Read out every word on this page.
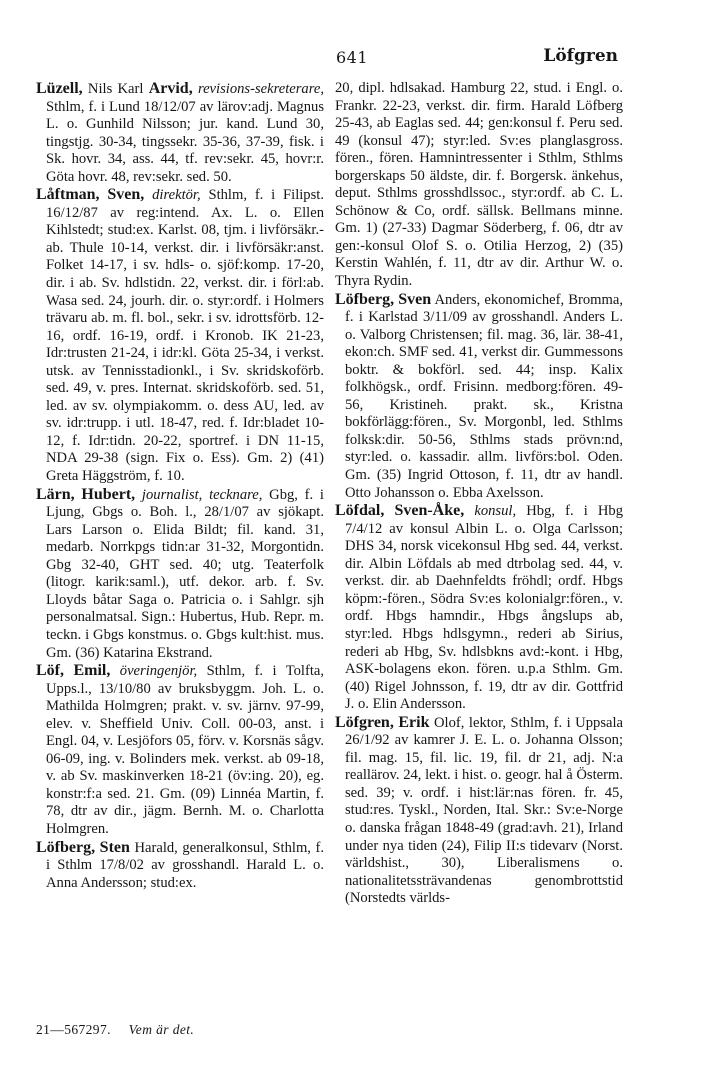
641	Löfgren

Lüzell, Nils Karl Arvid, revisions-sekreterare, Sthlm, f. i Lund 18/12/07 av lärov:adj. Magnus L. o. Gunhild Nilsson; jur. kand. Lund 30, tingstjg. 30-34, tingssekr. 35-36, 37-39, fisk. i Sk. hovr. 34, ass. 44, tf. rev:sekr. 45, hovr:r. Göta hovr. 48, rev:sekr. sed. 50.

Låftman, Sven, direktör, Sthlm, f. i Filipst. 16/12/87 av reg:intend. Ax. L. o. Ellen Kihlstedt; stud:ex. Karlst. 08, tjm. i livförsäkr.-ab. Thule 10-14, verkst. dir. i livförsäkr:anst. Folket 14-17, i sv. hdls- o. sjöf:komp. 17-20, dir. i ab. Sv. hdlstidn. 22, verkst. dir. i förl:ab. Wasa sed. 24, jourh. dir. o. styr:ordf. i Holmers trävaru ab. m. fl. bol., sekr. i sv. idrottsförb. 12-16, ordf. 16-19, ordf. i Kronob. IK 21-23, Idr:trusten 21-24, i idr:kl. Göta 25-34, i verkst. utsk. av Tennisstadionkl., i Sv. skridskoförb. sed. 49, v. pres. Internat. skridskoförb. sed. 51, led. av sv. olympiakomm. o. dess AU, led. av sv. idr:trupp. i utl. 18-47, red. f. Idr:bladet 10-12, f. Idr:tidn. 20-22, sportref. i DN 11-15, NDA 29-38 (sign. Fix o. Ess). Gm. 2) (41) Greta Häggström, f. 10.

Lärn, Hubert, journalist, tecknare, Gbg, f. i Ljung, Gbgs o. Boh. l., 28/1/07 av sjökapt. Lars Larson o. Elida Bildt; fil. kand. 31, medarb. Norrkpgs tidn:ar 31-32, Morgontidn. Gbg 32-40, GHT sed. 40; utg. Teaterfolk (litogr. karik:saml.), utf. dekor. arb. f. Sv. Lloyds båtar Saga o. Patricia o. i Sahlgr. sjh personalmatsal. Sign.: Hubertus, Hub. Repr. m. teckn. i Gbgs konstmus. o. Gbgs kult:hist. mus. Gm. (36) Katarina Ekstrand.

Löf, Emil, överingenjör, Sthlm, f. i Tolfta, Upps.l., 13/10/80 av bruksbyggm. Joh. L. o. Mathilda Holmgren; prakt. v. sv. järnv. 97-99, elev. v. Sheffield Univ. Coll. 00-03, anst. i Engl. 04, v. Lesjöfors 05, förv. v. Korsnäs sågv. 06-09, ing. v. Bolinders mek. verkst. ab 09-18, v. ab Sv. maskinverken 18-21 (öv:ing. 20), eg. konstr:f:a sed. 21. Gm. (09) Linnéa Martin, f. 78, dtr av dir., jägm. Bernh. M. o. Charlotta Holmgren.

Löfberg, Sten Harald, generalkonsul, Sthlm, f. i Sthlm 17/8/02 av grosshandl. Harald L. o. Anna Andersson; stud:ex.

20, dipl. hdlsakad. Hamburg 22, stud. i Engl. o. Frankr. 22-23, verkst. dir. firm. Harald Löfberg 25-43, ab Eaglas sed. 44; gen:konsul f. Peru sed. 49 (konsul 47); styr:led. Sv:es planglasgross. fören., fören. Hamnintressenter i Sthlm, Sthlms borgerskaps 50 äldste, dir. f. Borgersk. änkehus, deput. Sthlms grosshdlssoc., styr:ordf. ab C. L. Schönow & Co, ordf. sällsk. Bellmans minne. Gm. 1) (27-33) Dagmar Söderberg, f. 06, dtr av gen:-konsul Olof S. o. Otilia Herzog, 2) (35) Kerstin Wahlén, f. 11, dtr av dir. Arthur W. o. Thyra Rydin.

Löfberg, Sven Anders, ekonomichef, Bromma, f. i Karlstad 3/11/09 av grosshandl. Anders L. o. Valborg Christensen; fil. mag. 36, lär. 38-41, ekon:ch. SMF sed. 41, verkst dir. Gummessons boktr. & bokförl. sed. 44; insp. Kalix folkhögsk., ordf. Frisinn. medborg:fören. 49-56, Kristineh. prakt. sk., Kristna bokförlägg:fören., Sv. Morgonbl, led. Sthlms folksk:dir. 50-56, Sthlms stads prövn:nd, styr:led. o. kassadir. allm. livförs:bol. Oden. Gm. (35) Ingrid Ottoson, f. 11, dtr av handl. Otto Johansson o. Ebba Axelsson.

Löfdal, Sven-Åke, konsul, Hbg, f. i Hbg 7/4/12 av konsul Albin L. o. Olga Carlsson; DHS 34, norsk vicekonsul Hbg sed. 44, verkst. dir. Albin Löfdals ab med dtrbolag sed. 44, v. verkst. dir. ab Daehnfeldts fröhdl; ordf. Hbgs köpm:-fören., Södra Sv:es kolonialgr:fören., v. ordf. Hbgs hamndir., Hbgs ångslups ab, styr:led. Hbgs hdlsgymn., rederi ab Sirius, rederi ab Hbg, Sv. hdlsbkns avd:-kont. i Hbg, ASK-bolagens ekon. fören. u.p.a Sthlm. Gm. (40) Rigel Johnsson, f. 19, dtr av dir. Gottfrid J. o. Elin Andersson.

Löfgren, Erik Olof, lektor, Sthlm, f. i Uppsala 26/1/92 av kamrer J. E. L. o. Johanna Olsson; fil. mag. 15, fil. lic. 19, fil. dr 21, adj. N:a reallärov. 24, lekt. i hist. o. geogr. hal å Österm. sed. 39; v. ordf. i hist:lär:nas fören. fr. 45, stud:res. Tyskl., Norden, Ital. Skr.: Sv:e-Norge o. danska frågan 1848-49 (grad:avh. 21), Irland under nya tiden (24), Filip II:s tidevarv (Norst. världshist., 30), Liberalismens o. nationalitetssträvandenas genombrottstid (Norstedts världs-

21—567297. Vem är det.
